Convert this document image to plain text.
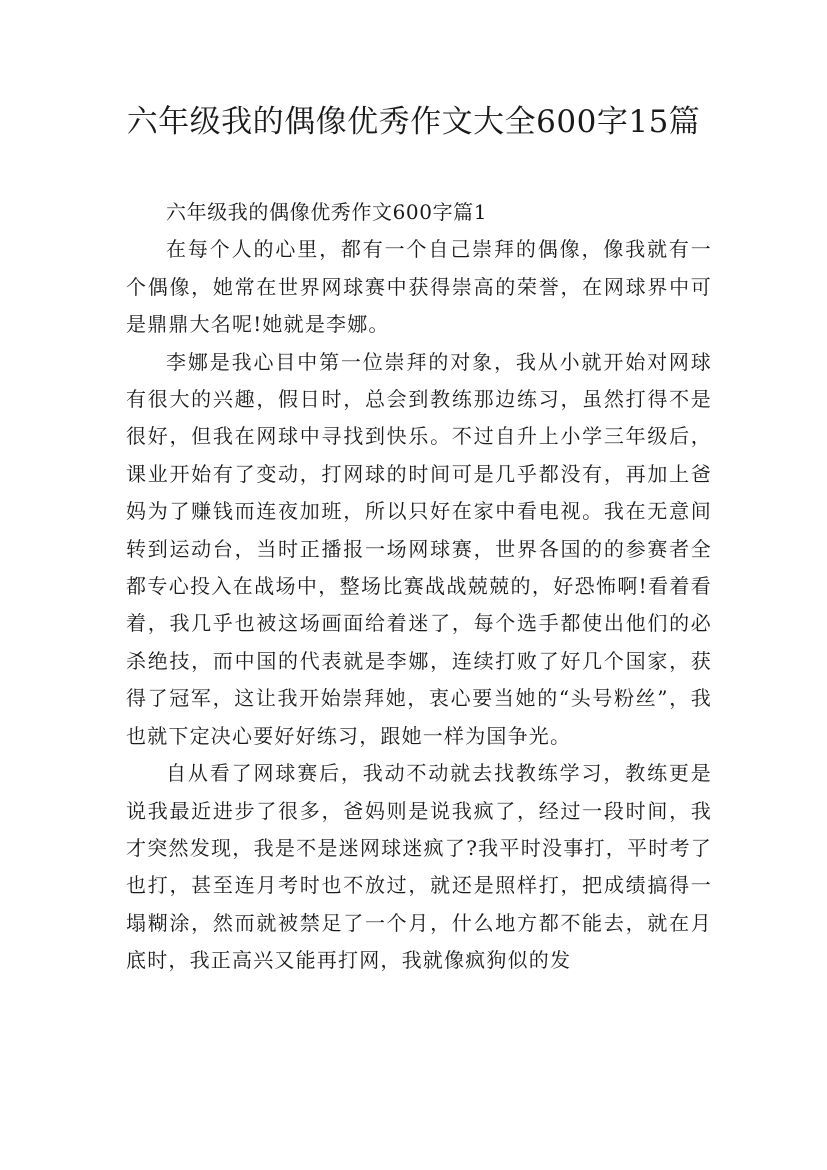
六年级我的偶像优秀作文大全600字15篇

六年级我的偶像优秀作文600字篇1

在每个人的心里，都有一个自己崇拜的偶像，像我就有一个偶像，她常在世界网球赛中获得崇高的荣誉，在网球界中可是鼎鼎大名呢!她就是李娜。

李娜是我心目中第一位崇拜的对象，我从小就开始对网球有很大的兴趣，假日时，总会到教练那边练习，虽然打得不是很好，但我在网球中寻找到快乐。不过自升上小学三年级后，课业开始有了变动，打网球的时间可是几乎都没有，再加上爸妈为了赚钱而连夜加班，所以只好在家中看电视。我在无意间转到运动台，当时正播报一场网球赛，世界各国的的参赛者全都专心投入在战场中，整场比赛战战兢兢的，好恐怖啊!看着看着，我几乎也被这场画面给着迷了，每个选手都使出他们的必杀绝技，而中国的代表就是李娜，连续打败了好几个国家，获得了冠军，这让我开始崇拜她，衷心要当她的“头号粉丝”，我也就下定决心要好好练习，跟她一样为国争光。

自从看了网球赛后，我动不动就去找教练学习，教练更是说我最近进步了很多，爸妈则是说我疯了，经过一段时间，我才突然发现，我是不是迷网球迷疯了?我平时没事打，平时考了也打，甚至连月考时也不放过，就还是照样打，把成绩搞得一塌糊涂，然而就被禁足了一个月，什么地方都不能去，就在月底时，我正高兴又能再打网，我就像疯狗似的发
